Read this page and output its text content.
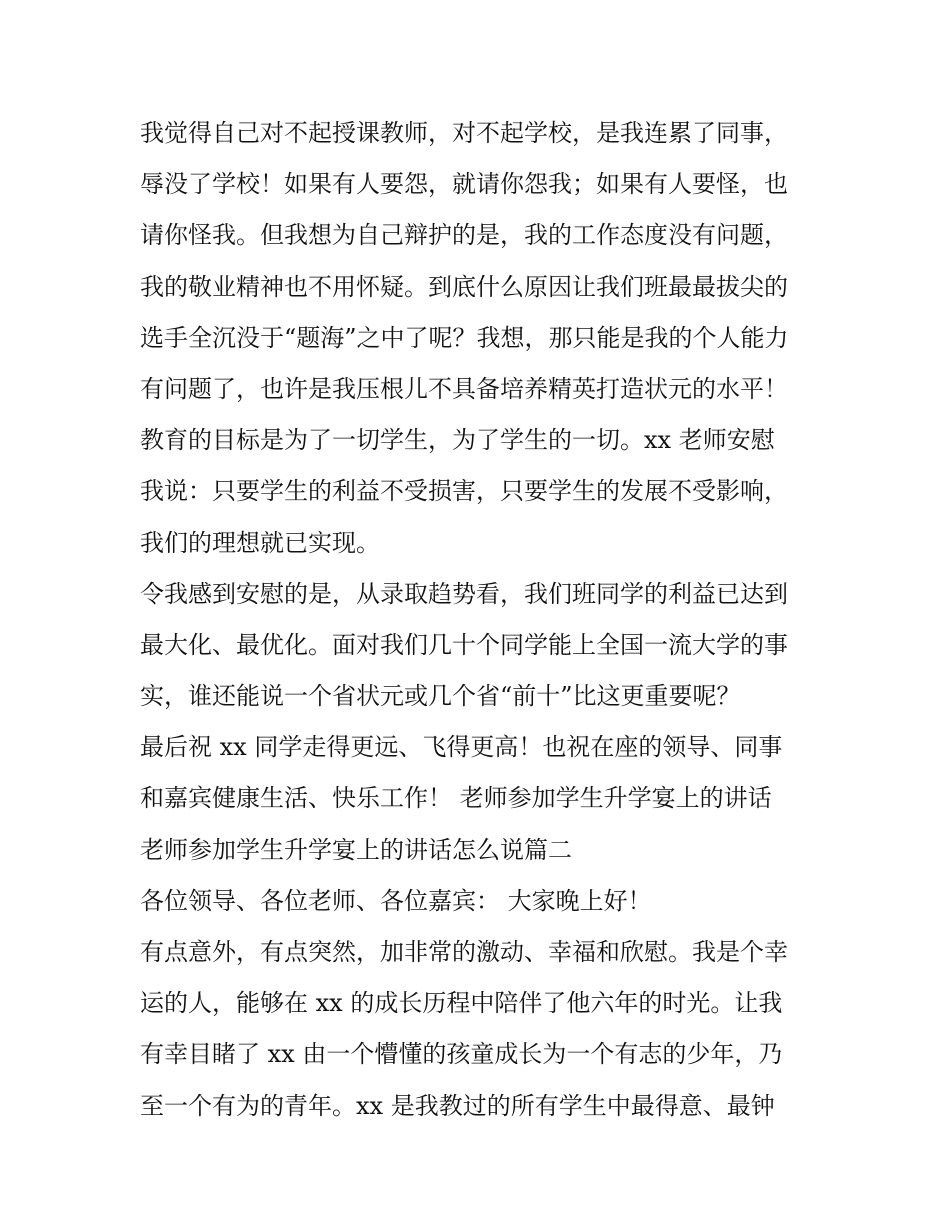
我觉得自己对不起授课教师，对不起学校，是我连累了同事，
辱没了学校！如果有人要怨，就请你怨我；如果有人要怪，也
请你怪我。但我想为自己辩护的是，我的工作态度没有问题，
我的敬业精神也不用怀疑。到底什么原因让我们班最最拔尖的
选手全沉没于“题海”之中了呢？我想，那只能是我的个人能力
有问题了，也许是我压根儿不具备培养精英打造状元的水平！
教育的目标是为了一切学生，为了学生的一切。xx 老师安慰
我说：只要学生的利益不受损害，只要学生的发展不受影响，
我们的理想就已实现。
令我感到安慰的是，从录取趋势看，我们班同学的利益已达到
最大化、最优化。面对我们几十个同学能上全国一流大学的事
实，谁还能说一个省状元或几个省“前十”比这更重要呢？
最后祝 xx 同学走得更远、飞得更高！也祝在座的领导、同事
和嘉宾健康生活、快乐工作！ 老师参加学生升学宴上的讲话
老师参加学生升学宴上的讲话怎么说篇二
各位领导、各位老师、各位嘉宾： 大家晚上好！
有点意外，有点突然，加非常的激动、幸福和欣慰。我是个幸
运的人，能够在 xx 的成长历程中陪伴了他六年的时光。让我
有幸目睹了 xx 由一个懵懂的孩童成长为一个有志的少年，乃
至一个有为的青年。xx 是我教过的所有学生中最得意、最钟
